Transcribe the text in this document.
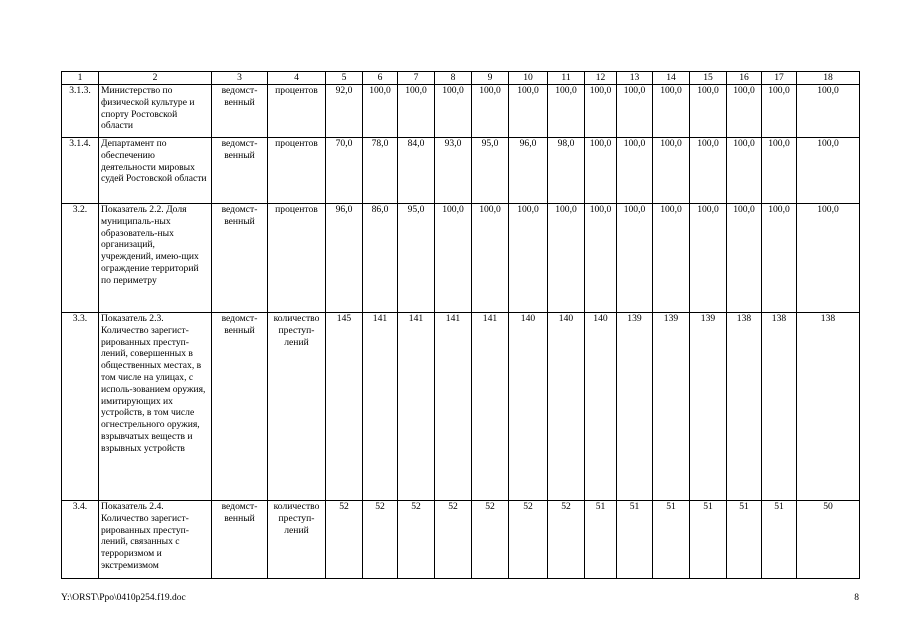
1	2	3	4	5	6	7	8	9	10	11	12	13	14	15	16	17	18
3.1.3.	Министерство по физической культуре и спорту Ростовской области	ведомст-венный	процентов	92,0	100,0	100,0	100,0	100,0	100,0	100,0	100,0	100,0	100,0	100,0	100,0	100,0	100,0
3.1.4.	Департамент по обеспечению деятельности мировых судей Ростовской области	ведомст-венный	процентов	70,0	78,0	84,0	93,0	95,0	96,0	98,0	100,0	100,0	100,0	100,0	100,0	100,0	100,0
3.2.	Показатель 2.2. Доля муниципаль-ных образователь-ных организаций, учреждений, имею-щих ограждение территорий по периметру	ведомст-венный	процентов	96,0	86,0	95,0	100,0	100,0	100,0	100,0	100,0	100,0	100,0	100,0	100,0	100,0	100,0
3.3.	Показатель 2.3. Количество зарегист-рированных преступ-лений, совершенных в общественных местах, в том числе на улицах, с исполь-зованием оружия, имитирующих их устройств, в том числе огнестрельного оружия, взрывчатых веществ и взрывных устройств	ведомст-венный	количество преступ-лений	145	141	141	141	141	140	140	140	139	139	139	138	138	138
3.4.	Показатель 2.4. Количество зарегист-рированных преступ-лений, связанных с терроризмом и экстремизмом	ведомст-венный	количество преступ-лений	52	52	52	52	52	52	52	51	51	51	51	51	51	50
Y:\ORST\Ppo\0410p254.f19.doc	8
